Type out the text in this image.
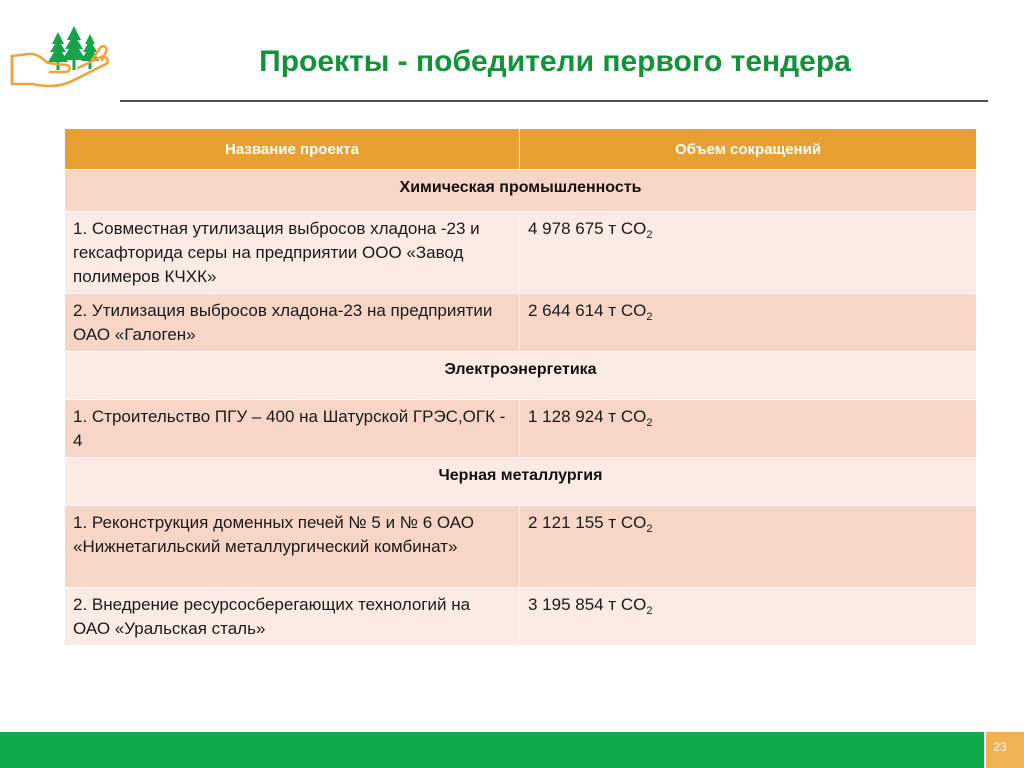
Проекты - победители первого тендера
Название проекта	Объем сокращений
Химическая промышленность	
1. Совместная утилизация выбросов хладона -23 и гексафторида серы на предприятии ООО «Завод полимеров КЧХК»	4 978 675 т $CO_2$
2. Утилизация выбросов хладона-23 на предприятии ОАО «Галоген»	2 644 614 т $CO_2$
Электроэнергетика	
1. Строительство ПГУ – 400 на Шатурской ГРЭС,ОГК - 4	1 128 924 т $CO_2$
Черная металлургия	
1. Реконструкция доменных печей № 5 и № 6 ОАО «Нижнетагильский металлургический комбинат»	2 121 155 т $CO_2$
2. Внедрение ресурсосберегающих технологий на ОАО «Уральская сталь»	3 195 854 т $CO_2$
23
